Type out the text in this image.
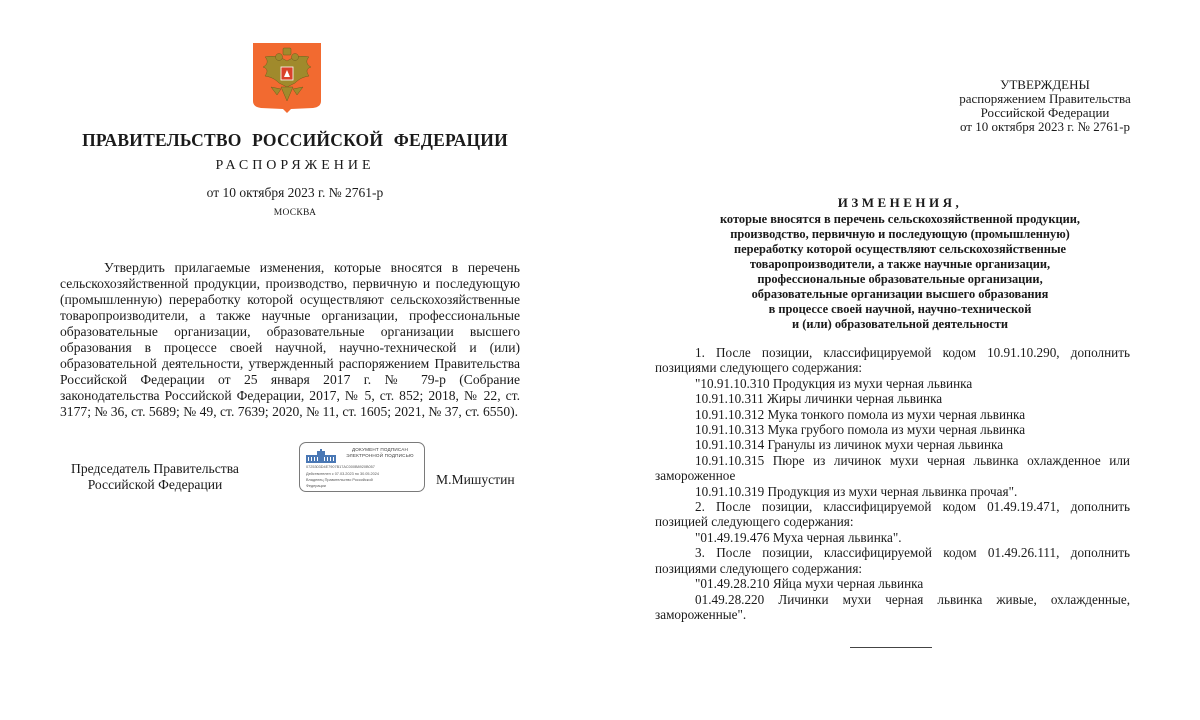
ПРАВИТЕЛЬСТВО РОССИЙСКОЙ ФЕДЕРАЦИИ
РАСПОРЯЖЕНИЕ
от 10 октября 2023 г. № 2761-р
МОСКВА
Утвердить прилагаемые изменения, которые вносятся в перечень сельскохозяйственной продукции, производство, первичную и последующую (промышленную) переработку которой осуществляют сельскохозяйственные товаропроизводители, а также научные организации, профессиональные образовательные организации, образовательные организации высшего образования в процессе своей научной, научно-технической и (или) образовательной деятельности, утвержденный распоряжением Правительства Российской Федерации от 25 января 2017 г. № 79-р (Собрание законодательства Российской Федерации, 2017, № 5, ст. 852; 2018, № 22, ст. 3177; № 36, ст. 5689; № 49, ст. 7639; 2020, № 11, ст. 1605; 2021, № 37, ст. 6550).
Председатель Правительства
Российской Федерации
ДОКУМЕНТ ПОДПИСАН
ЭЛЕКТРОННОЙ ПОДПИСЬЮ
0725303D4E7907B17AC000B8920B057
Действителен с 07.03.2023 по 30.05.2024
Владелец Правительство Российской
Федерации	М.Мишустин
УТВЕРЖДЕНЫ
распоряжением Правительства
Российской Федерации
от 10 октября 2023 г. № 2761-р
ИЗМЕНЕНИЯ,
которые вносятся в перечень сельскохозяйственной продукции,
производство, первичную и последующую (промышленную)
переработку которой осуществляют сельскохозяйственные
товаропроизводители, а также научные организации,
профессиональные образовательные организации,
образовательные организации высшего образования
в процессе своей научной, научно-технической
и (или) образовательной деятельности

1. После позиции, классифицируемой кодом 10.91.10.290, дополнить позициями следующего содержания:

"10.91.10.310 Продукция из мухи черная львинка

10.91.10.311 Жиры личинки черная львинка

10.91.10.312 Мука тонкого помола из мухи черная львинка

10.91.10.313 Мука грубого помола из мухи черная львинка

10.91.10.314 Гранулы из личинок мухи черная львинка

10.91.10.315 Пюре из личинок мухи черная львинка охлажденное или замороженное

10.91.10.319 Продукция из мухи черная львинка прочая".

2. После позиции, классифицируемой кодом 01.49.19.471, дополнить позицией следующего содержания:

"01.49.19.476 Муха черная львинка".

3. После позиции, классифицируемой кодом 01.49.26.111, дополнить позициями следующего содержания:

"01.49.28.210 Яйца мухи черная львинка

01.49.28.220 Личинки мухи черная львинка живые, охлажденные, замороженные".
